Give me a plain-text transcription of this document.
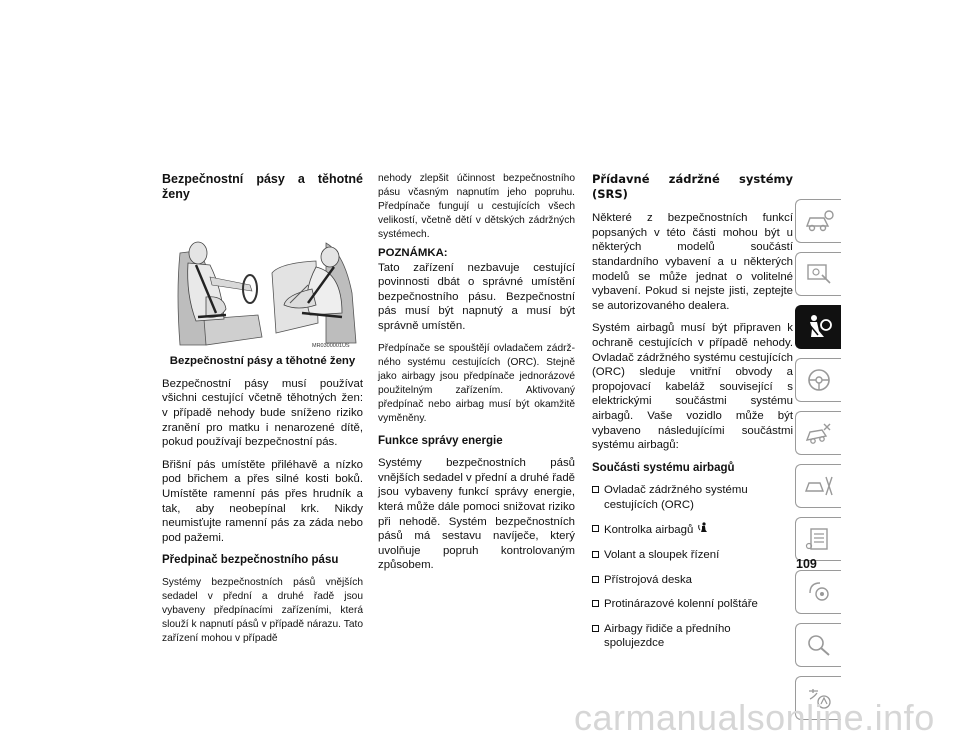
Bezpečnostní pásy a těhotné ženy
MR0300001US
Bezpečnostní pásy a těhotné ženy

Bezpečnostní pásy musí používat všichni cestující včetně těhotných žen: v případě nehody bude sníženo riziko zranění pro matku i nenarozené dítě, pokud používají bezpečnostní pás.

Břišní pás umístěte přiléhavě a nízko pod břichem a přes silné kosti boků. Umístěte ramenní pás přes hrudník a tak, aby neobepínal krk. Nikdy neumisťujte ramenní pás za záda nebo pod pažemi.

Předpinač bezpečnostního pásu

Systémy bezpečnostních pásů vnějších sedadel v přední a druhé řadě jsou vybaveny předpínacími zařízeními, která slouží k napnutí pásů v případě nárazu. Tato zařízení mohou v případě

nehody zlepšit účinnost bezpečnostního pásu včasným napnutím jeho popruhu. Předpínače fungují u cestujících všech velikostí, včetně dětí v dětských zádržných systémech.

POZNÁMKA:

Tato zařízení nezbavuje cestující povinnosti dbát o správné umístění bezpečnostního pásu. Bezpečnostní pás musí být napnutý a musí být správně umístěn.

Předpínače se spouštějí ovladačem zádržného systému cestujících (ORC). Stejně jako airbagy jsou předpínače jednorázové použitelným zařízením. Aktivovaný předpínač nebo airbag musí být okamžitě vyměněny.

Funkce správy energie

Systémy bezpečnostních pásů vnějších sedadel v přední a druhé řadě jsou vybaveny funkcí správy energie, která může dále pomoci snižovat riziko při nehodě. Systém bezpečnostních pásů má sestavu navíječe, který uvolňuje popruh kontrolovaným způsobem.

Přídavné zádržné systémy (SRS)

Některé z bezpečnostních funkcí popsaných v této části mohou být u některých modelů součástí standardního vybavení a u některých modelů se může jednat o volitelné vybavení. Pokud si nejste jisti, zeptejte se autorizovaného dealera.

Systém airbagů musí být připraven k ochraně cestujících v případě nehody. Ovladač zádržného systému cestujících (ORC) sleduje vnitřní obvody a propojovací kabeláž související s elektrickými součástmi systému airbagů. Vaše vozidlo může být vybaveno následujícími součástmi systému airbagů:

Součásti systému airbagů
Ovladač zádržného systému cestujících (ORC)
Kontrolka airbagů
Volant a sloupek řízení
Přístrojová deska
Protinárazové kolenní polštáře
Airbagy řidiče a předního spolujezdce
109
carmanualsonline.info
